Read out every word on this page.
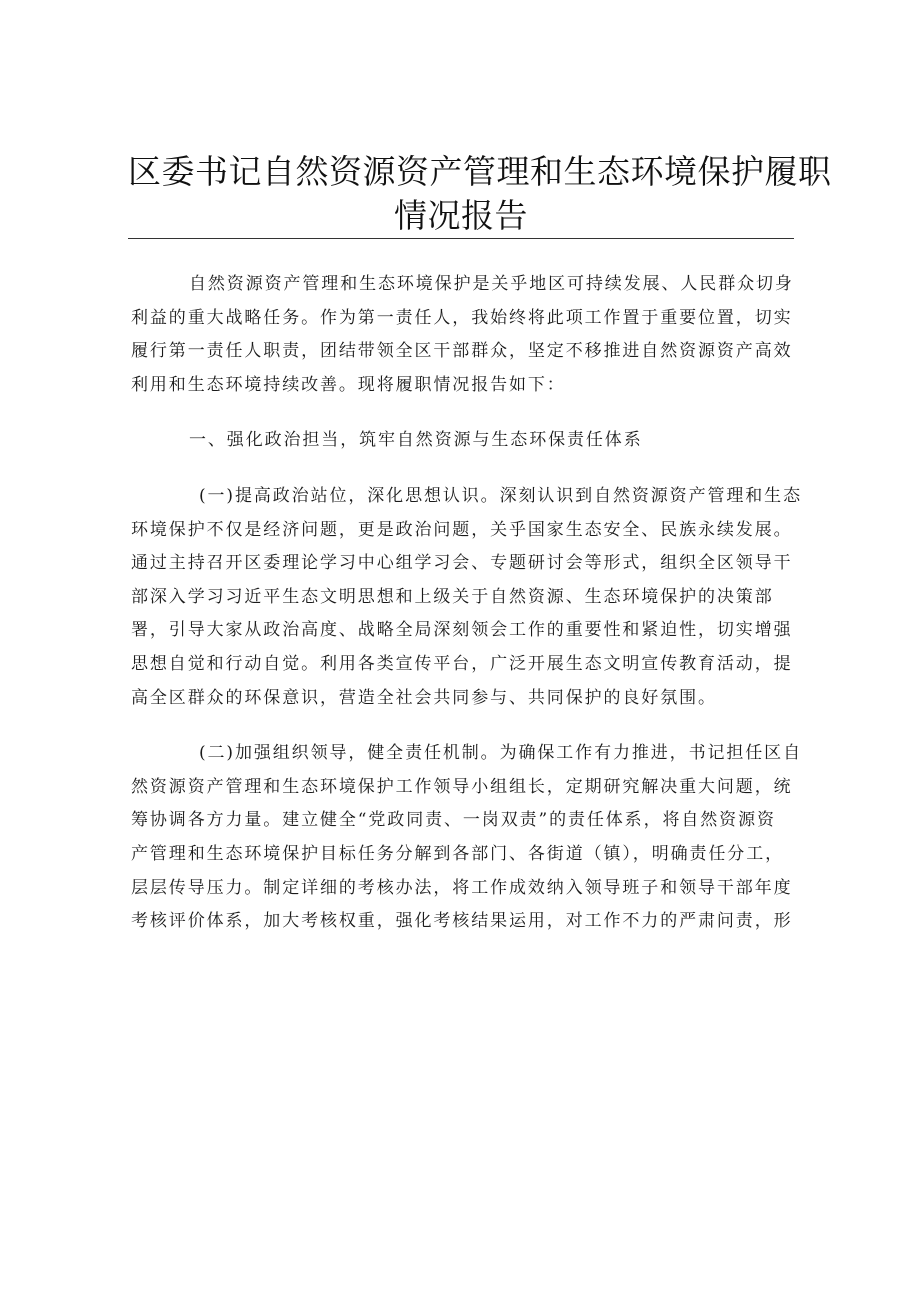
区委书记自然资源资产管理和生态环境保护履职
情况报告
自然资源资产管理和生态环境保护是关乎地区可持续发展、人民群众切身
利益的重大战略任务。作为第一责任人，我始终将此项工作置于重要位置，切实
履行第一责任人职责，团结带领全区干部群众，坚定不移推进自然资源资产高效
利用和生态环境持续改善。现将履职情况报告如下：
一、强化政治担当，筑牢自然资源与生态环保责任体系
(一)提高政治站位，深化思想认识。深刻认识到自然资源资产管理和生态
环境保护不仅是经济问题，更是政治问题，关乎国家生态安全、民族永续发展。
通过主持召开区委理论学习中心组学习会、专题研讨会等形式，组织全区领导干
部深入学习习近平生态文明思想和上级关于自然资源、生态环境保护的决策部
署，引导大家从政治高度、战略全局深刻领会工作的重要性和紧迫性，切实增强
思想自觉和行动自觉。利用各类宣传平台，广泛开展生态文明宣传教育活动，提
高全区群众的环保意识，营造全社会共同参与、共同保护的良好氛围。
(二)加强组织领导，健全责任机制。为确保工作有力推进，书记担任区自
然资源资产管理和生态环境保护工作领导小组组长，定期研究解决重大问题，统
筹协调各方力量。建立健全“党政同责、一岗双责”的责任体系，将自然资源资
产管理和生态环境保护目标任务分解到各部门、各街道（镇），明确责任分工，
层层传导压力。制定详细的考核办法，将工作成效纳入领导班子和领导干部年度
考核评价体系，加大考核权重，强化考核结果运用，对工作不力的严肃问责，形
